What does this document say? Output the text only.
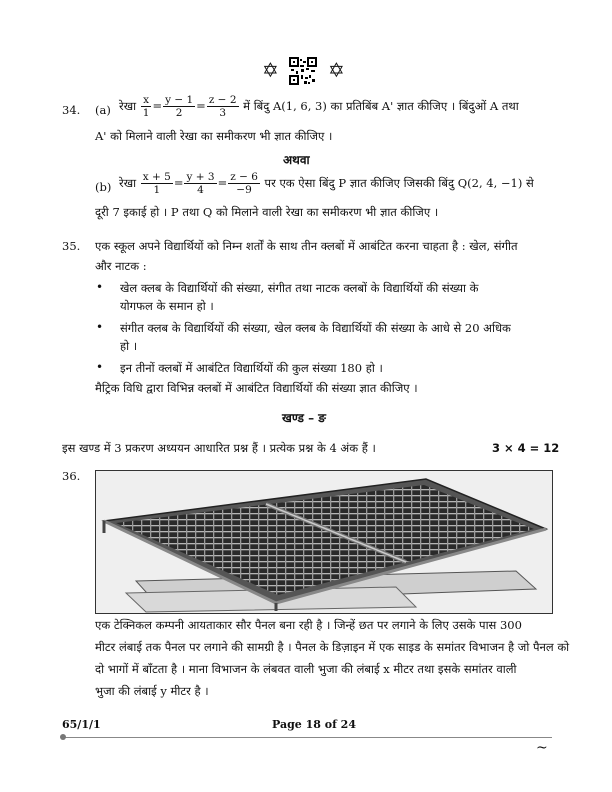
✡ ✡
34. (a) रेखा $\frac{x}{1} = \frac{y - 1}{2} = \frac{z - 2}{3}$ में बिंदु A(1, 6, 3) का प्रतिबिंब A' ज्ञात कीजिए । बिंदुओं A तथा
A' को मिलाने वाली रेखा का समीकरण भी ज्ञात कीजिए ।
अथवा
(b) रेखा $\frac{x + 5}{1} = \frac{y + 3}{4} = \frac{z - 6}{-9}$ पर एक ऐसा बिंदु P ज्ञात कीजिए जिसकी बिंदु Q(2, 4, −1) से
दूरी 7 इकाई हो । P तथा Q को मिलाने वाली रेखा का समीकरण भी ज्ञात कीजिए ।
35. एक स्कूल अपने विद्यार्थियों को निम्न शर्तों के साथ तीन क्लबों में आबंटित करना चाहता है : खेल, संगीत
और नाटक :
• खेल क्लब के विद्यार्थियों की संख्या, संगीत तथा नाटक क्लबों के विद्यार्थियों की संख्या के
योगफल के समान हो ।
• संगीत क्लब के विद्यार्थियों की संख्या, खेल क्लब के विद्यार्थियों की संख्या के आधे से 20 अधिक
हो ।
• इन तीनों क्लबों में आबंटित विद्यार्थियों की कुल संख्या 180 हो ।
मैट्रिक विधि द्वारा विभिन्न क्लबों में आबंटित विद्यार्थियों की संख्या ज्ञात कीजिए ।
खण्ड – ङ
इस खण्ड में 3 प्रकरण अध्ययन आधारित प्रश्न हैं । प्रत्येक प्रश्न के 4 अंक हैं ।	3 × 4 = 12
36.
एक टेक्निकल कम्पनी आयताकार सौर पैनल बना रही है । जिन्हें छत पर लगाने के लिए उसके पास 300
मीटर लंबाई तक पैनल पर लगाने की सामग्री है । पैनल के डिज़ाइन में एक साइड के समांतर विभाजन है जो पैनल को
दो भागों में बाँटता है । माना विभाजन के लंबवत वाली भुजा की लंबाई x मीटर तथा इसके समांतर वाली
भुजा की लंबाई y मीटर है ।
65/1/1	Page 18 of 24
~
